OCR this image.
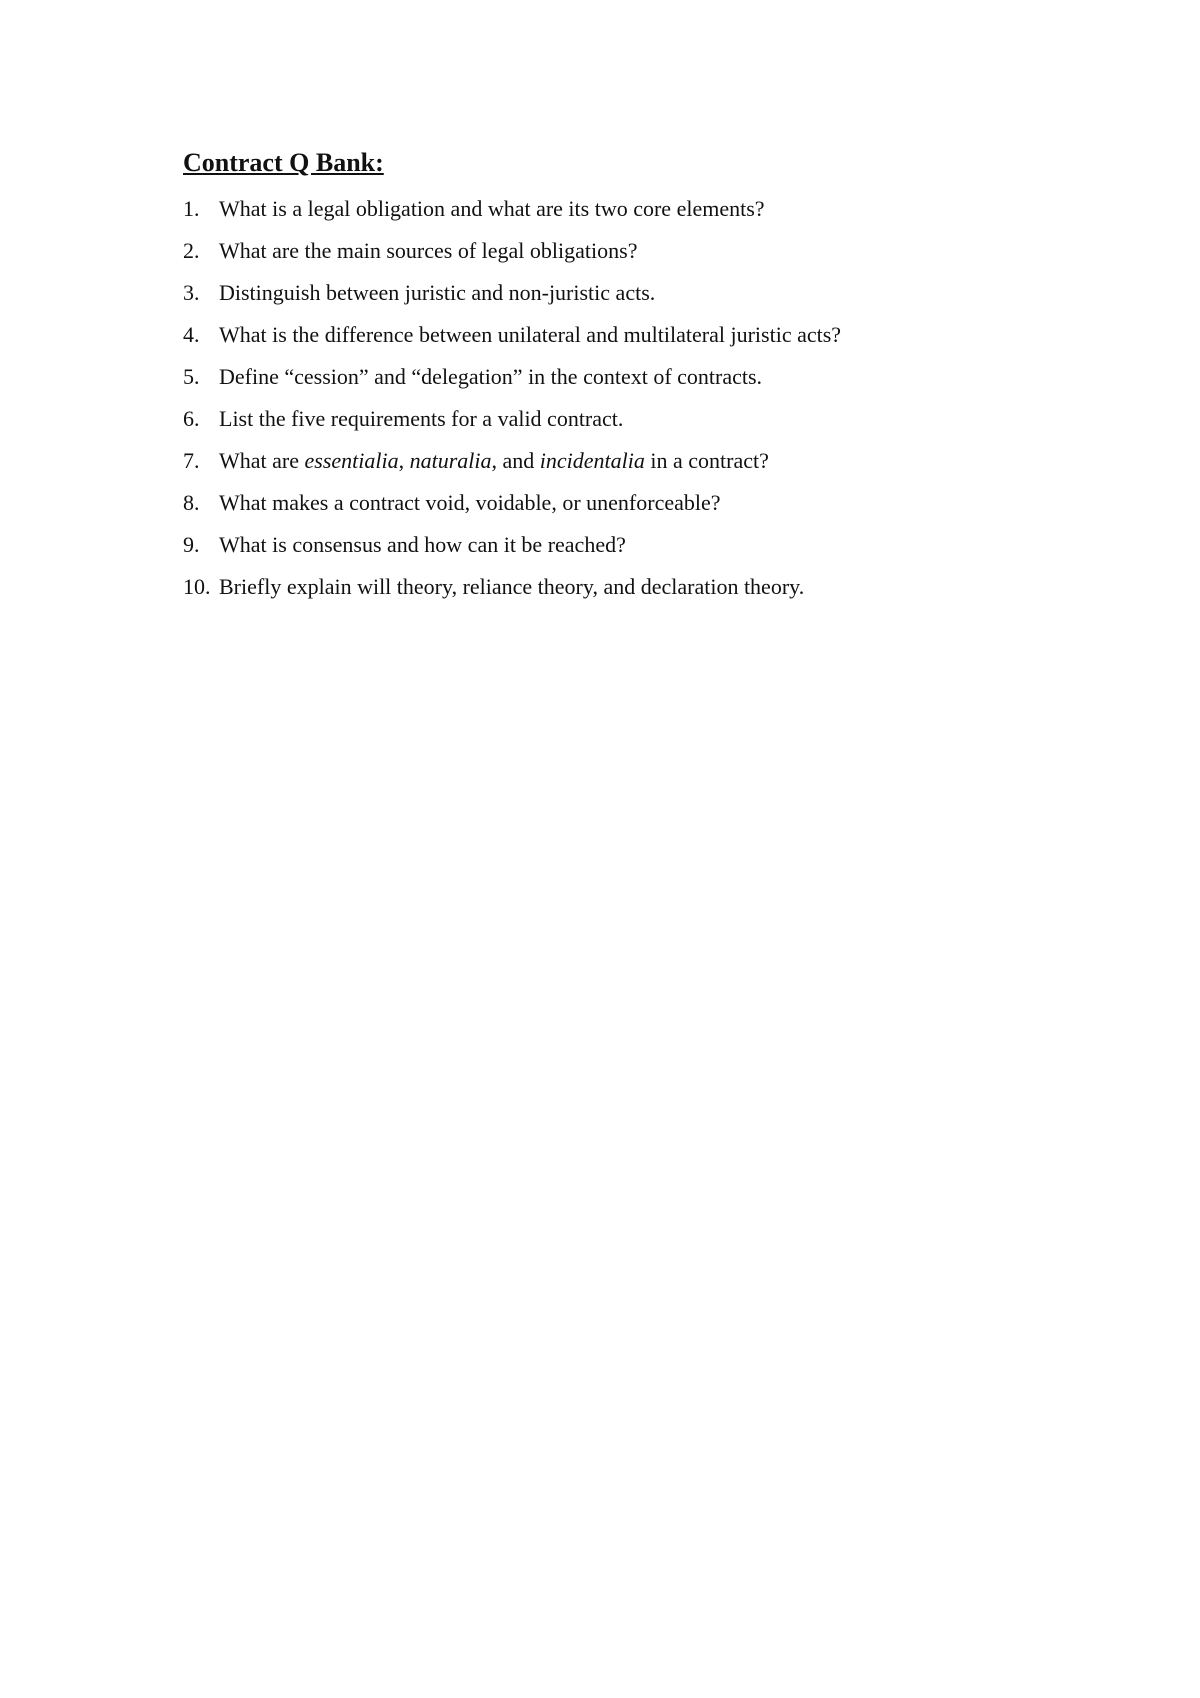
Contract Q Bank:
1. What is a legal obligation and what are its two core elements?
2. What are the main sources of legal obligations?
3. Distinguish between juristic and non-juristic acts.
4. What is the difference between unilateral and multilateral juristic acts?
5. Define “cession” and “delegation” in the context of contracts.
6. List the five requirements for a valid contract.
7. What are essentialia, naturalia, and incidentalia in a contract?
8. What makes a contract void, voidable, or unenforceable?
9. What is consensus and how can it be reached?
10. Briefly explain will theory, reliance theory, and declaration theory.
